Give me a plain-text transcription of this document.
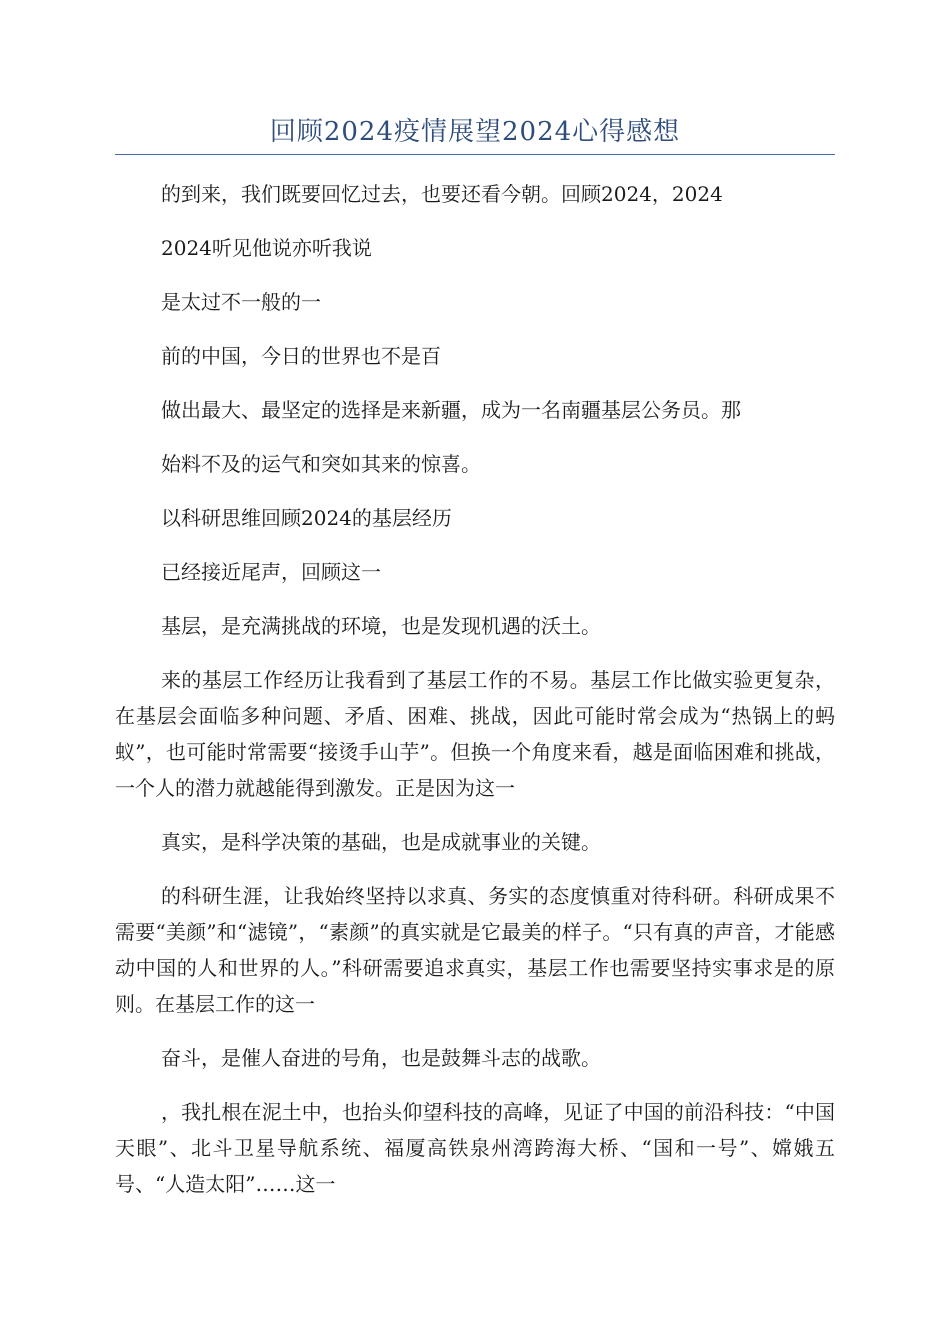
回顾2024疫情展望2024心得感想

的到来，我们既要回忆过去，也要还看今朝。回顾2024，2024

2024听见他说亦听我说

是太过不一般的一

前的中国，今日的世界也不是百

做出最大、最坚定的选择是来新疆，成为一名南疆基层公务员。那

始料不及的运气和突如其来的惊喜。

以科研思维回顾2024的基层经历

已经接近尾声，回顾这一

基层，是充满挑战的环境，也是发现机遇的沃土。

来的基层工作经历让我看到了基层工作的不易。基层工作比做实验更复杂，在基层会面临多种问题、矛盾、困难、挑战，因此可能时常会成为“热锅上的蚂蚁”，也可能时常需要“接烫手山芋”。但换一个角度来看，越是面临困难和挑战，一个人的潜力就越能得到激发。正是因为这一

真实，是科学决策的基础，也是成就事业的关键。

的科研生涯，让我始终坚持以求真、务实的态度慎重对待科研。科研成果不需要“美颜”和“滤镜”，“素颜”的真实就是它最美的样子。“只有真的声音，才能感动中国的人和世界的人。”科研需要追求真实，基层工作也需要坚持实事求是的原则。在基层工作的这一

奋斗，是催人奋进的号角，也是鼓舞斗志的战歌。

，我扎根在泥土中，也抬头仰望科技的高峰，见证了中国的前沿科技：“中国天眼”、北斗卫星导航系统、福厦高铁泉州湾跨海大桥、“国和一号”、嫦娥五号、“人造太阳”……这一
